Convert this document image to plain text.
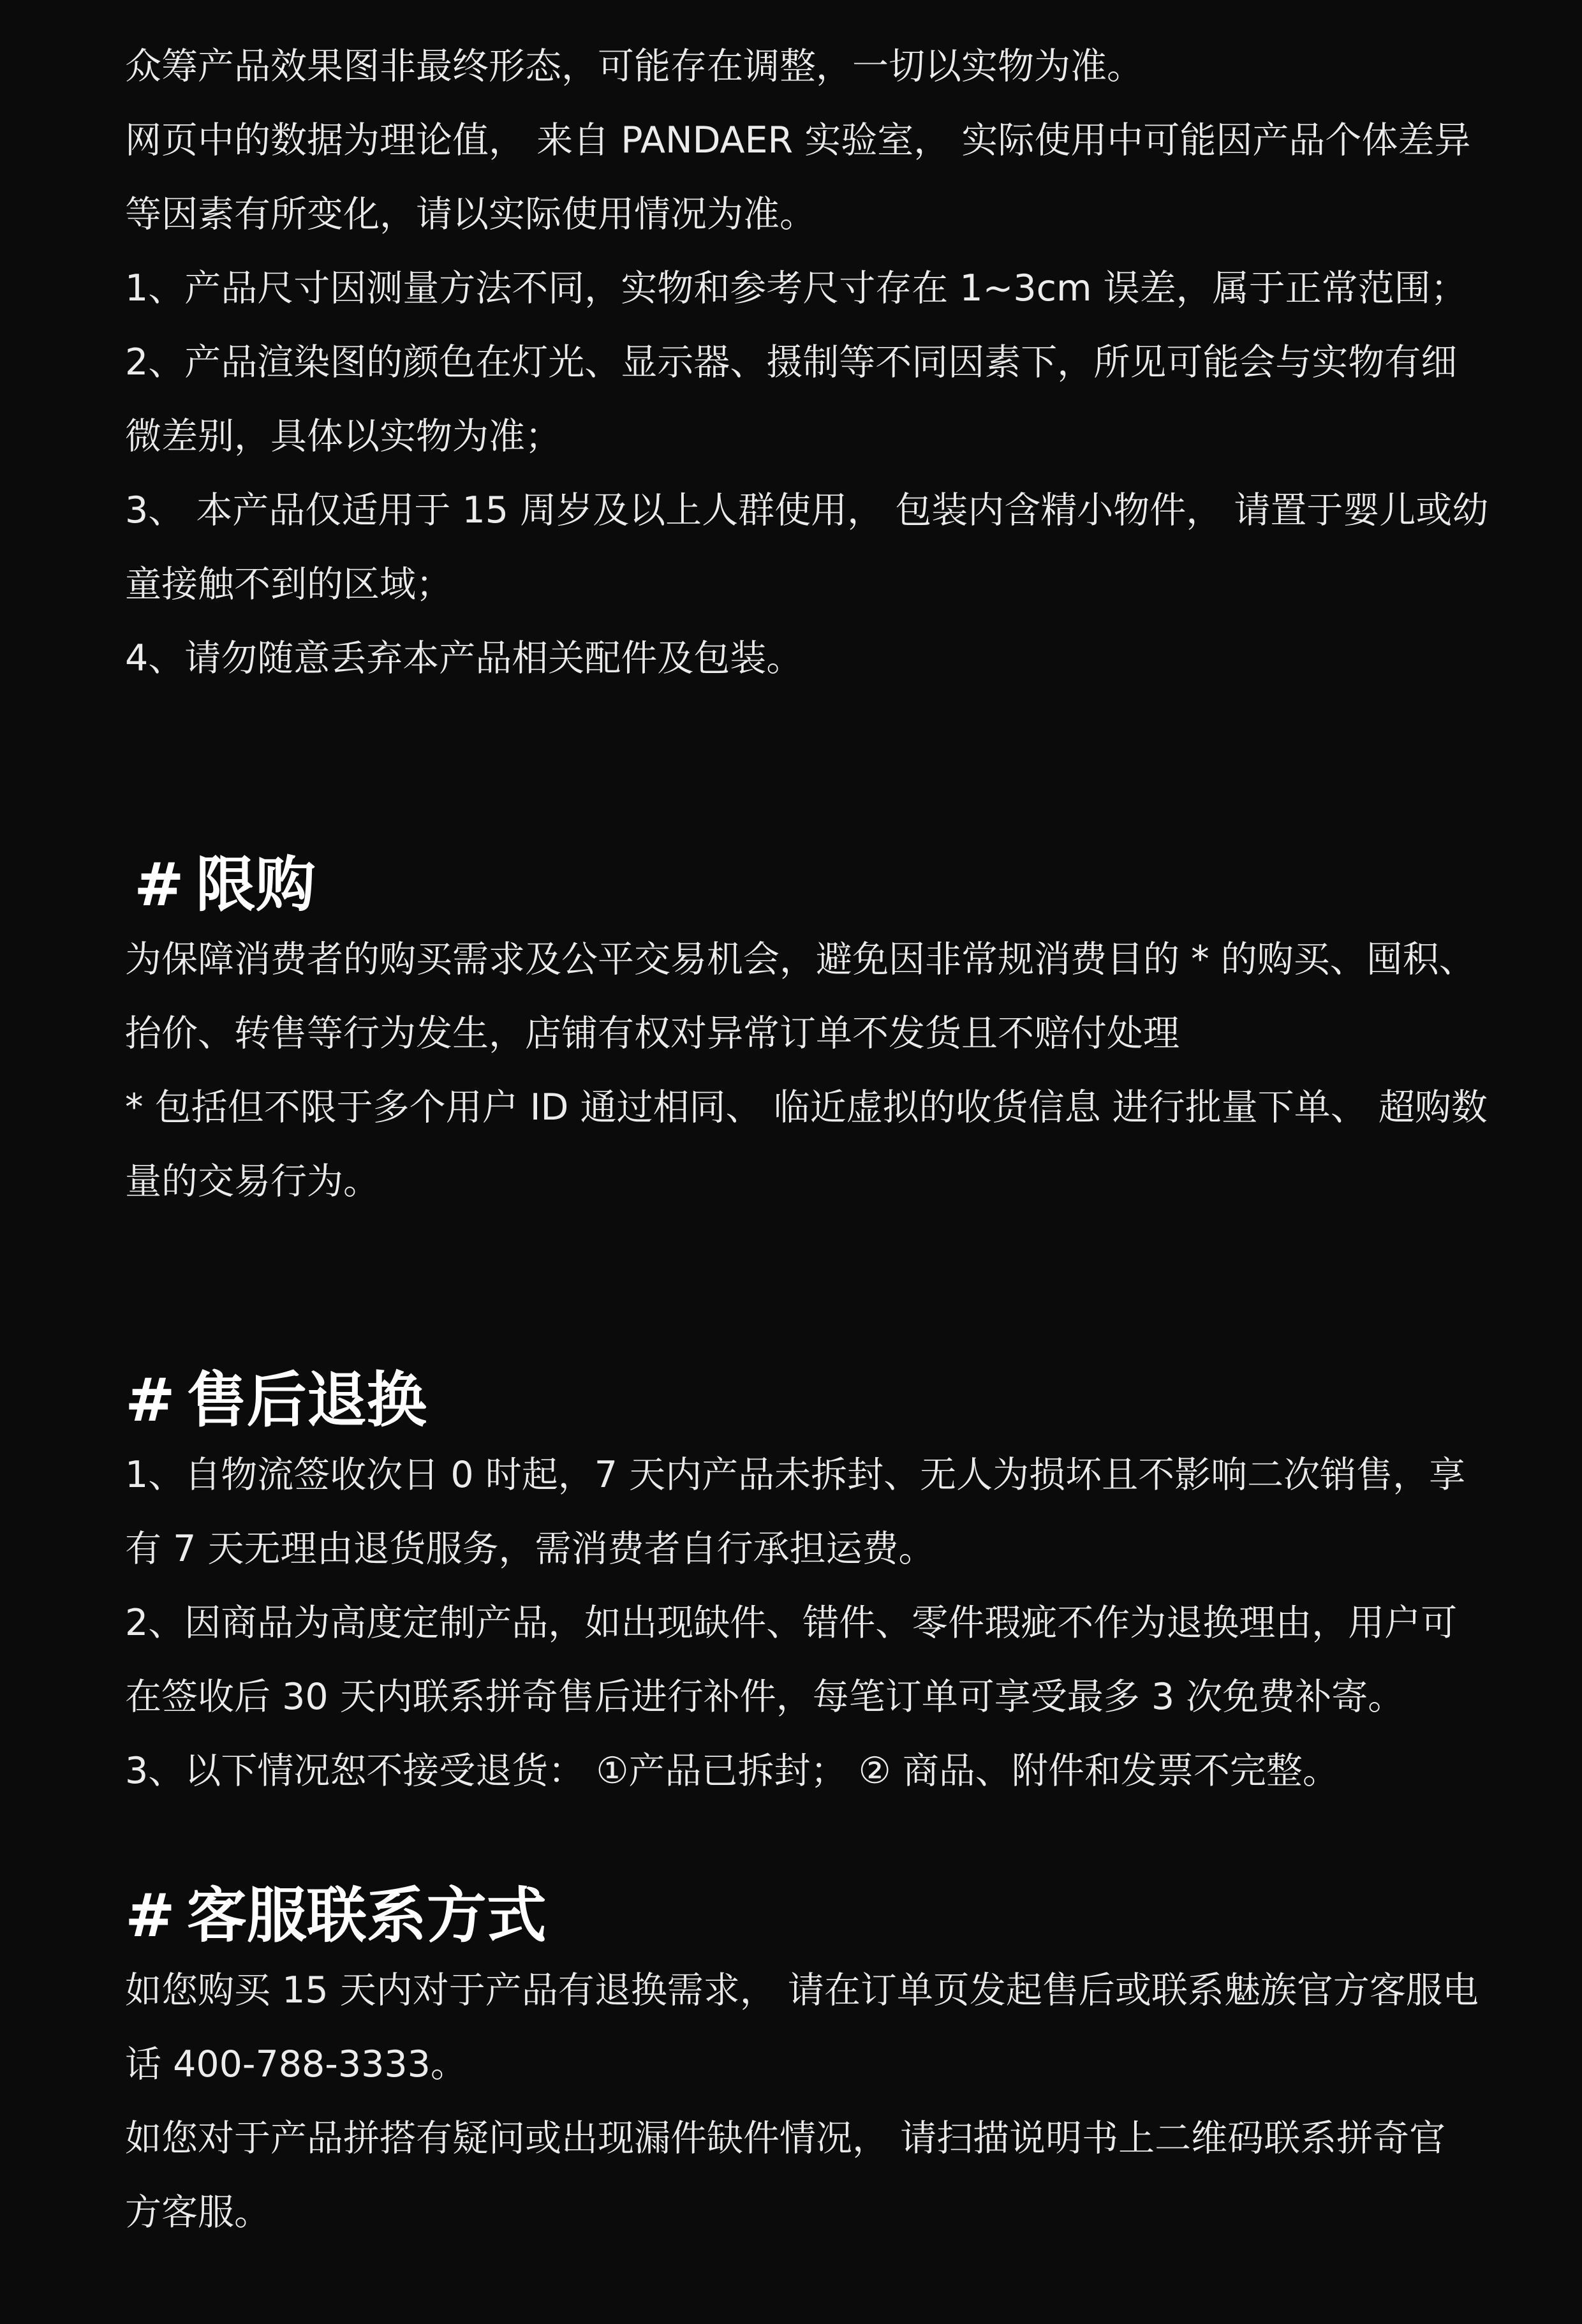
众筹产品效果图非最终形态，可能存在调整，一切以实物为准。
网页中的数据为理论值， 来自 PANDAER 实验室， 实际使用中可能因产品个体差异
等因素有所变化，请以实际使用情况为准。
1、产品尺寸因测量方法不同，实物和参考尺寸存在 1~3cm 误差，属于正常范围；
2、产品渲染图的颜色在灯光、显示器、摄制等不同因素下，所见可能会与实物有细
微差别，具体以实物为准；
3、 本产品仅适用于 15 周岁及以上人群使用， 包装内含精小物件， 请置于婴儿或幼
童接触不到的区域；
4、请勿随意丢弃本产品相关配件及包装。
# 限购
为保障消费者的购买需求及公平交易机会，避免因非常规消费目的 * 的购买、囤积、
抬价、转售等行为发生，店铺有权对异常订单不发货且不赔付处理
* 包括但不限于多个用户 ID 通过相同、 临近虚拟的收货信息 进行批量下单、 超购数
量的交易行为。
# 售后退换
1、自物流签收次日 0 时起，7 天内产品未拆封、无人为损坏且不影响二次销售，享
有 7 天无理由退货服务，需消费者自行承担运费。
2、因商品为高度定制产品，如出现缺件、错件、零件瑕疵不作为退换理由，用户可
在签收后 30 天内联系拼奇售后进行补件，每笔订单可享受最多 3 次免费补寄。
3、以下情况恕不接受退货： ①产品已拆封； ② 商品、附件和发票不完整。
# 客服联系方式
如您购买 15 天内对于产品有退换需求， 请在订单页发起售后或联系魅族官方客服电
话 400-788-3333。
如您对于产品拼搭有疑问或出现漏件缺件情况， 请扫描说明书上二维码联系拼奇官
方客服。
